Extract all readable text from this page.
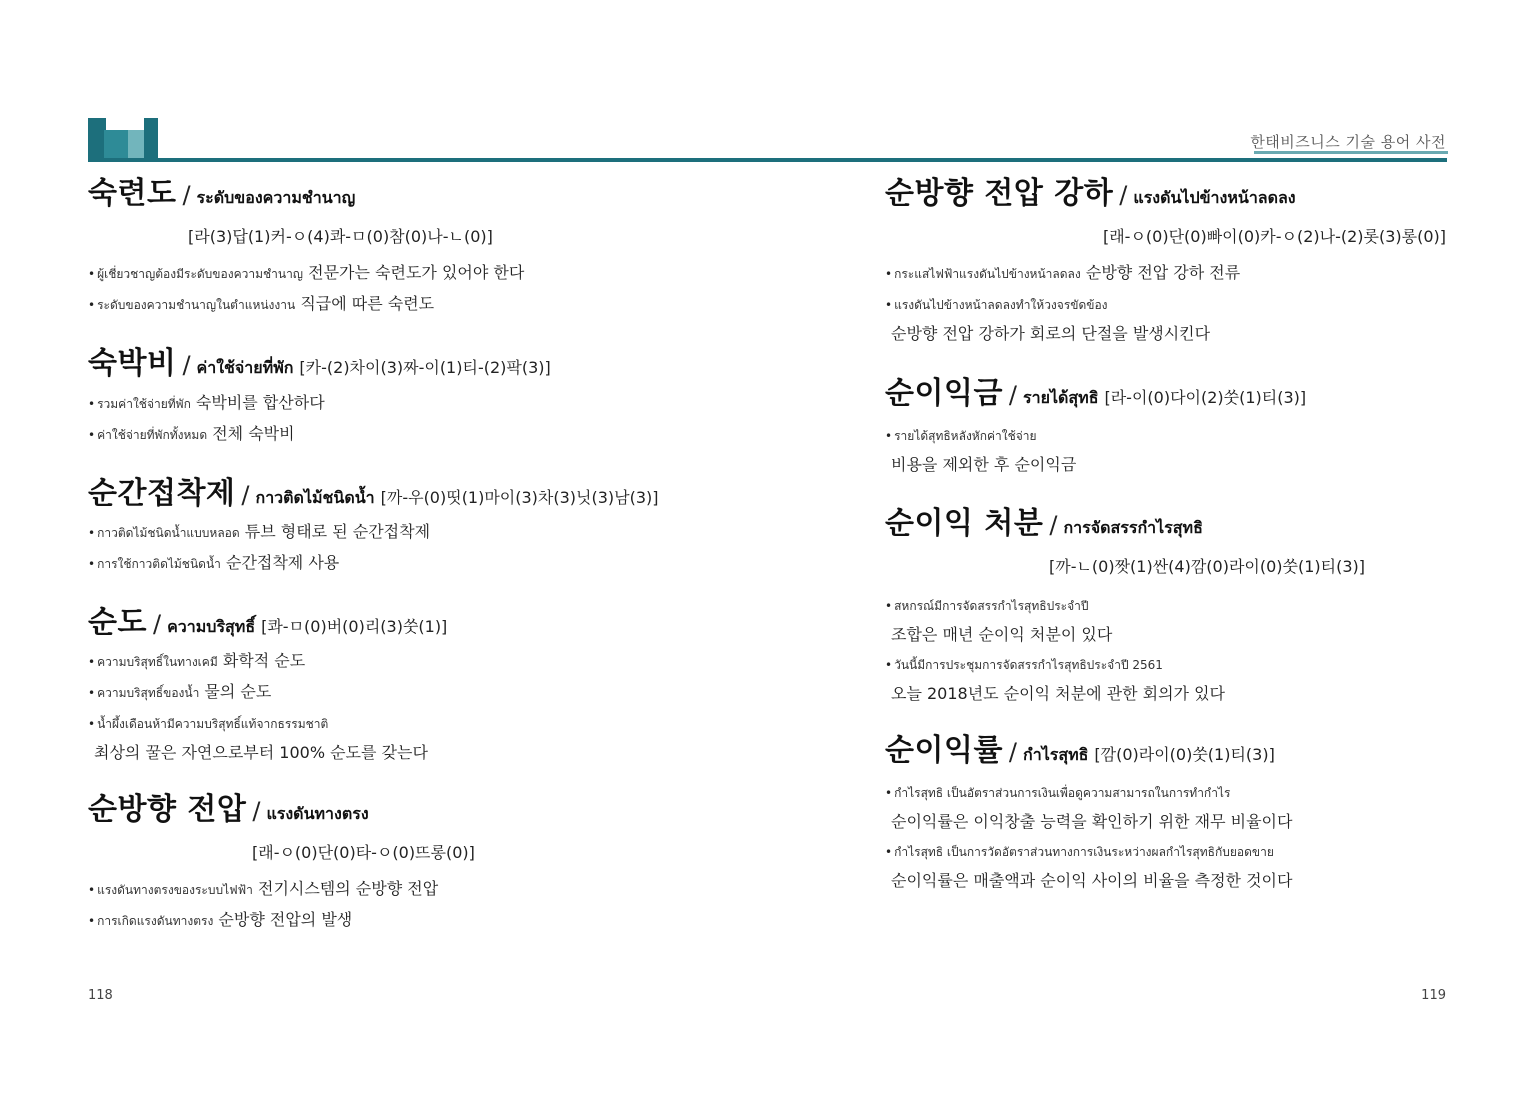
숙련도 / ระดับของความชำนาญ
[라(3)답(1)커-ㅇ(4)콰-ㅁ(0)참(0)나-ㄴ(0)]
• ผู้เชี่ยวชาญต้องมีระดับของความชำนาญ 전문가는 숙련도가 있어야 한다
• ระดับของความชำนาญในตำแหน่งงาน 직급에 따른 숙련도
숙박비 / ค่าใช้จ่ายที่พัก [카-(2)차이(3)짜-이(1)티-(2)팍(3)]
• รวมค่าใช้จ่ายที่พัก 숙박비를 합산하다
• ค่าใช้จ่ายที่พักทั้งหมด 전체 숙박비
순간접착제 / กาวติดไม้ชนิดน้ำ [까-우(0)띳(1)마이(3)차(3)닛(3)남(3)]
• กาวติดไม้ชนิดน้ำแบบหลอด 튜브 형태로 된 순간접착제
• การใช้กาวติดไม้ชนิดน้ำ 순간접착제 사용
순도 / ความบริสุทธิ์ [콰-ㅁ(0)버(0)리(3)쑷(1)]
• ความบริสุทธิ์ในทางเคมี 화학적 순도
• ความบริสุทธิ์ของน้ำ 물의 순도
• น้ำผึ้งเดือนห้ามีความบริสุทธิ์แท้จากธรรมชาติ
최상의 꿀은 자연으로부터 100% 순도를 갖는다
순방향 전압 / แรงดันทางตรง
[래-ㅇ(0)단(0)타-ㅇ(0)뜨롱(0)]
• แรงดันทางตรงของระบบไฟฟ้า 전기시스템의 순방향 전압
• การเกิดแรงดันทางตรง 순방향 전압의 발생
118
한태비즈니스 기술 용어 사전
순방향 전압 강하 / แรงดันไปข้างหน้าลดลง
[래-ㅇ(0)단(0)빠이(0)카-ㅇ(2)나-(2)롯(3)롱(0)]
• กระแสไฟฟ้าแรงดันไปข้างหน้าลดลง 순방향 전압 강하 전류
• แรงดันไปข้างหน้าลดลงทำให้วงจรขัดข้อง
순방향 전압 강하가 회로의 단절을 발생시킨다
순이익금 / รายได้สุทธิ [라-이(0)다이(2)쑷(1)티(3)]
• รายได้สุทธิหลังหักค่าใช้จ่าย
비용을 제외한 후 순이익금
순이익 처분 / การจัดสรรกำไรสุทธิ
[까-ㄴ(0)짯(1)싼(4)깜(0)라이(0)쑷(1)티(3)]
• สหกรณ์มีการจัดสรรกำไรสุทธิประจำปี
조합은 매년 순이익 처분이 있다
• วันนี้มีการประชุมการจัดสรรกำไรสุทธิประจำปี 2561
오늘 2018년도 순이익 처분에 관한 회의가 있다
순이익률 / กำไรสุทธิ [깜(0)라이(0)쑷(1)티(3)]
• กำไรสุทธิ เป็นอัตราส่วนการเงินเพื่อดูความสามารถในการทำกำไร
순이익률은 이익창출 능력을 확인하기 위한 재무 비율이다
• กำไรสุทธิ เป็นการวัดอัตราส่วนทางการเงินระหว่างผลกำไรสุทธิกับยอดขาย
순이익률은 매출액과 순이익 사이의 비율을 측정한 것이다
119
